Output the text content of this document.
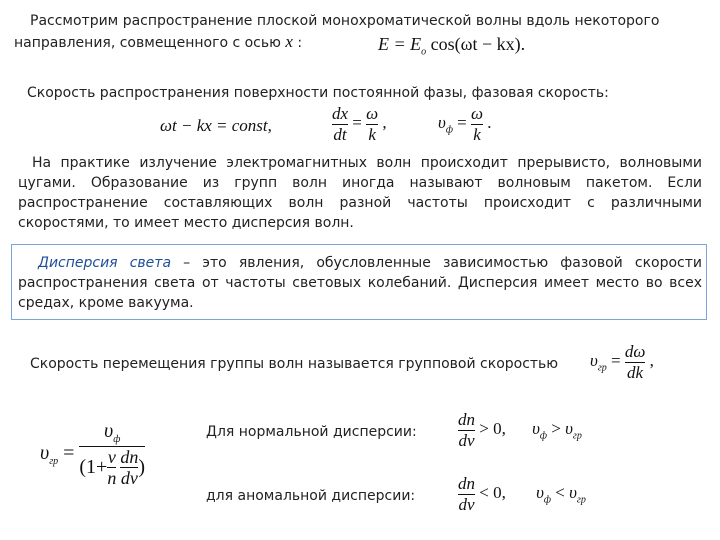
Рассмотрим распространение плоской монохроматической волны вдоль некоторого
направления, совмещенного с осью x :	$E = E_o$ cos(ωt − kx).
Скорость распространения поверхности постоянной фазы, фазовая скорость:
ωt − kx = const,	$\frac{dx}{dt} = \frac{\omega}{k}$ ,	$\upsilon_ф = \frac{\omega}{k}$ .
На практике излучение электромагнитных волн происходит прерывисто, волновыми
цугами. Образование из групп волн иногда называют волновым пакетом. Если
распространение составляющих волн разной частоты происходит с различными
скоростями, то имеет место дисперсия волн.
Дисперсия света – это явления, обусловленные зависимостью фазовой скорости
распространения света от частоты световых колебаний. Дисперсия имеет место во всех
средах, кроме вакуума.
Скорость перемещения группы волн называется групповой скоростью $\upsilon_{гр} = \frac{d\omega}{dk}$ ,
$\upsilon_{гр} = \frac{\upsilon_ф}{(1+ \frac{v}{n} \frac{dn}{dv} )}$	Для нормальной дисперсии: $\frac{dn}{dv} > 0$, $\upsilon_ф > \upsilon_{гр}$
для аномальной дисперсии:	$\frac{dn}{dv} < 0$, $\upsilon_ф < \upsilon_{гр}$
